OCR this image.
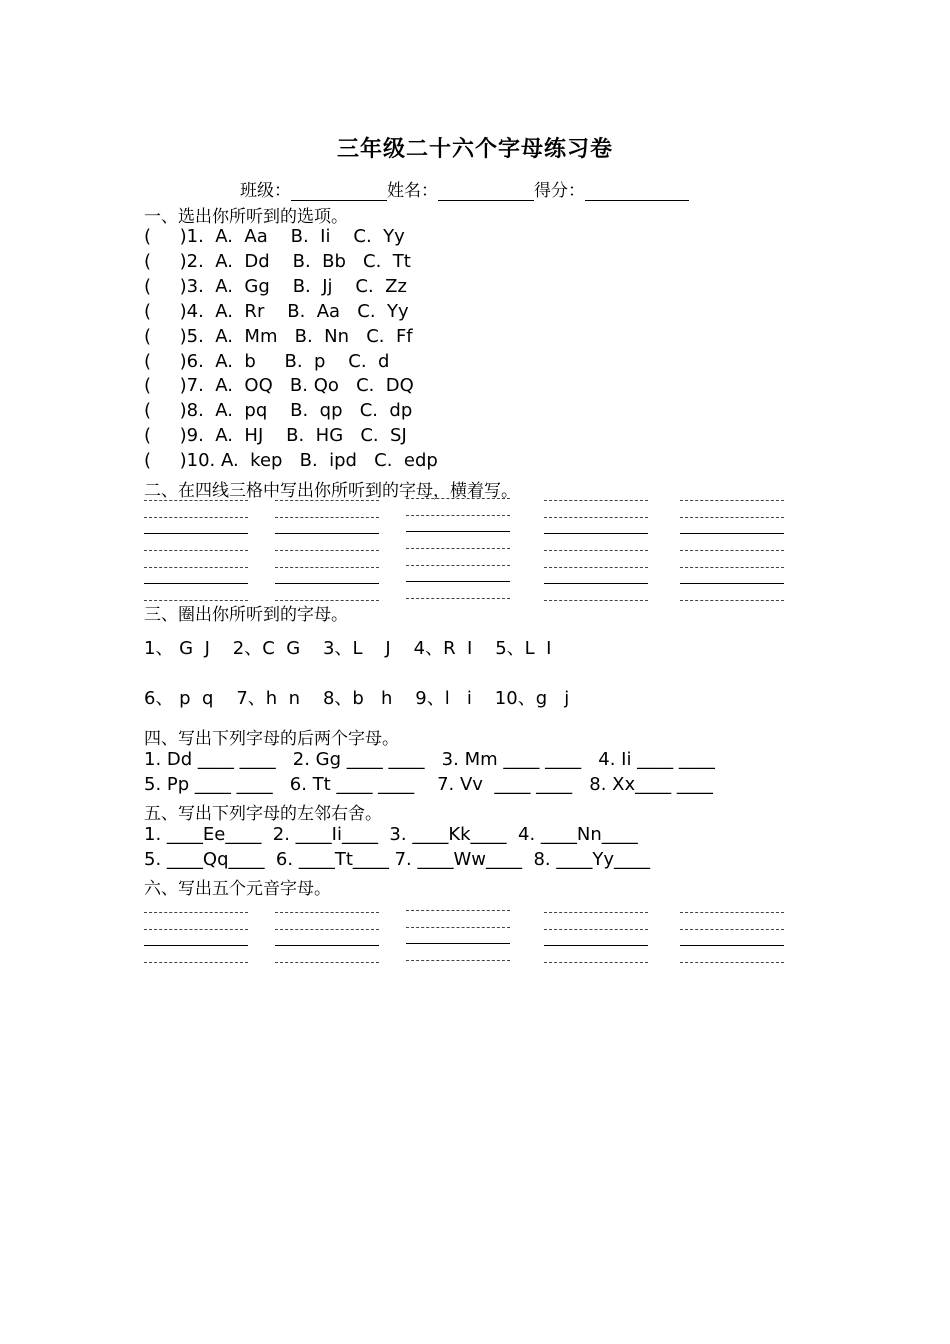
三年级二十六个字母练习卷
班级：	姓名：	得分：
一、选出你所听到的选项。
(     )1.  A.  Aa    B.  Ii    C.  Yy
(     )2.  A.  Dd    B.  Bb   C.  Tt
(     )3.  A.  Gg    B.  Jj    C.  Zz
(     )4.  A.  Rr    B.  Aa   C.  Yy
(     )5.  A.  Mm   B.  Nn   C.  Ff
(     )6.  A.  b     B.  p    C.  d
(     )7.  A.  OQ   B. Qo   C.  DQ
(     )8.  A.  pq    B.  qp   C.  dp
(     )9.  A.  HJ    B.  HG   C.  SJ
(     )10. A.  kep   B.  ipd   C.  edp
二、在四线三格中写出你所听到的字母，横着写。
三、圈出你所听到的字母。
1、 G  J    2、C  G    3、L    J    4、R  I    5、L  I
6、 p  q    7、h  n    8、b   h    9、l   i    10、g   j
四、写出下列字母的后两个字母。
1. Dd ____ ____   2. Gg ____ ____   3. Mm ____ ____   4. Ii ____ ____
5. Pp ____ ____   6. Tt ____ ____    7. Vv  ____ ____   8. Xx____ ____
五、写出下列字母的左邻右舍。
1. ____Ee____  2. ____Ii____  3. ____Kk____  4. ____Nn____
5. ____Qq____  6. ____Tt____ 7. ____Ww____  8. ____Yy____
六、写出五个元音字母。
